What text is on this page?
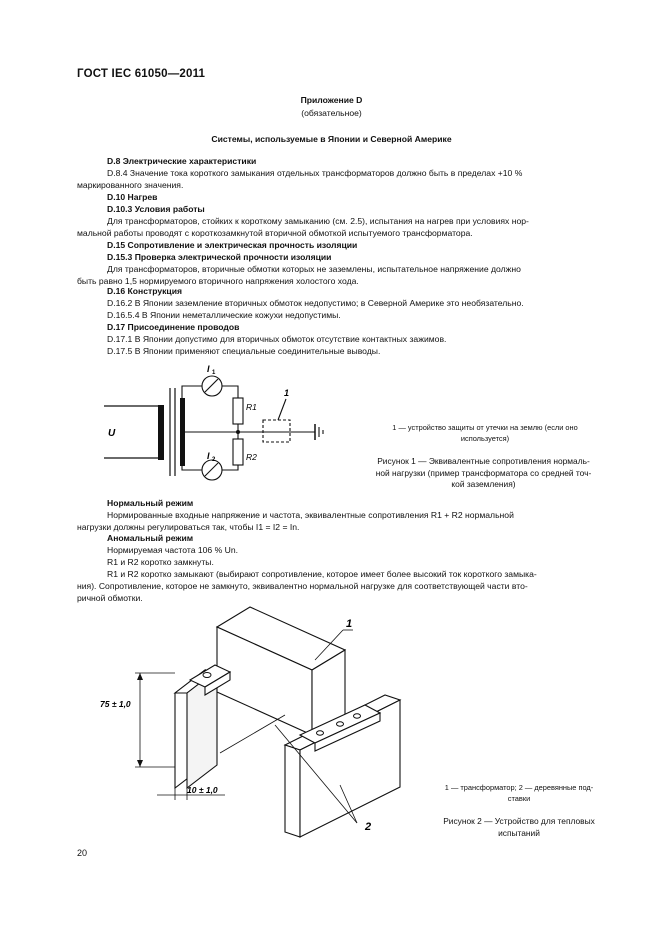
ГОСТ IEC 61050—2011
Приложение D
(обязательное)
Системы, используемые в Японии и Северной Америке
D.8 Электрические характеристики
D.8.4 Значение тока короткого замыкания отдельных трансформаторов должно быть в пределах +10 %
маркированного значения.
D.10 Нагрев
D.10.3 Условия работы
Для трансформаторов, стойких к короткому замыканию (см. 2.5), испытания на нагрев при условиях нор-
мальной работы проводят с короткозамкнутой вторичной обмоткой испытуемого трансформатора.
D.15 Сопротивление и электрическая прочность изоляции
D.15.3 Проверка электрической прочности изоляции
Для трансформаторов, вторичные обмотки которых не заземлены, испытательное напряжение должно
быть равно 1,5 нормируемого вторичного напряжения холостого хода.
D.16 Конструкция
D.16.2 В Японии заземление вторичных обмоток недопустимо; в Северной Америке это необязательно.
D.16.5.4 В Японии неметаллические кожухи недопустимы.
D.17 Присоединение проводов
D.17.1 В Японии допустимо для вторичных обмоток отсутствие контактных зажимов.
D.17.5 В Японии применяют специальные соединительные выводы.
U
I 1
I 2
R1
R2
1
1 — устройство защиты от утечки на землю (если оно
используется)
Рисунок 1 — Эквивалентные сопротивления нормаль-
ной нагрузки (пример трансформатора со средней точ-
кой заземления)
Нормальный режим
Нормированные входные напряжение и частота, эквивалентные сопротивления R1 + R2 нормальной
нагрузки должны регулироваться так, чтобы I1 = I2 = In.
Аномальный режим
Нормируемая частота 106 % Un.
R1 и R2 коротко замкнуты.
R1 и R2 коротко замыкают (выбирают сопротивление, которое имеет более высокий ток короткого замыка-
ния). Сопротивление, которое не замкнуто, эквивалентно нормальной нагрузке для соответствующей части вто-
ричной обмотки.
75 ± 1,0
10 ± 1,0
1
2
1 — трансформатор; 2 — деревянные под-
ставки
Рисунок 2 — Устройство для тепловых
испытаний
20
